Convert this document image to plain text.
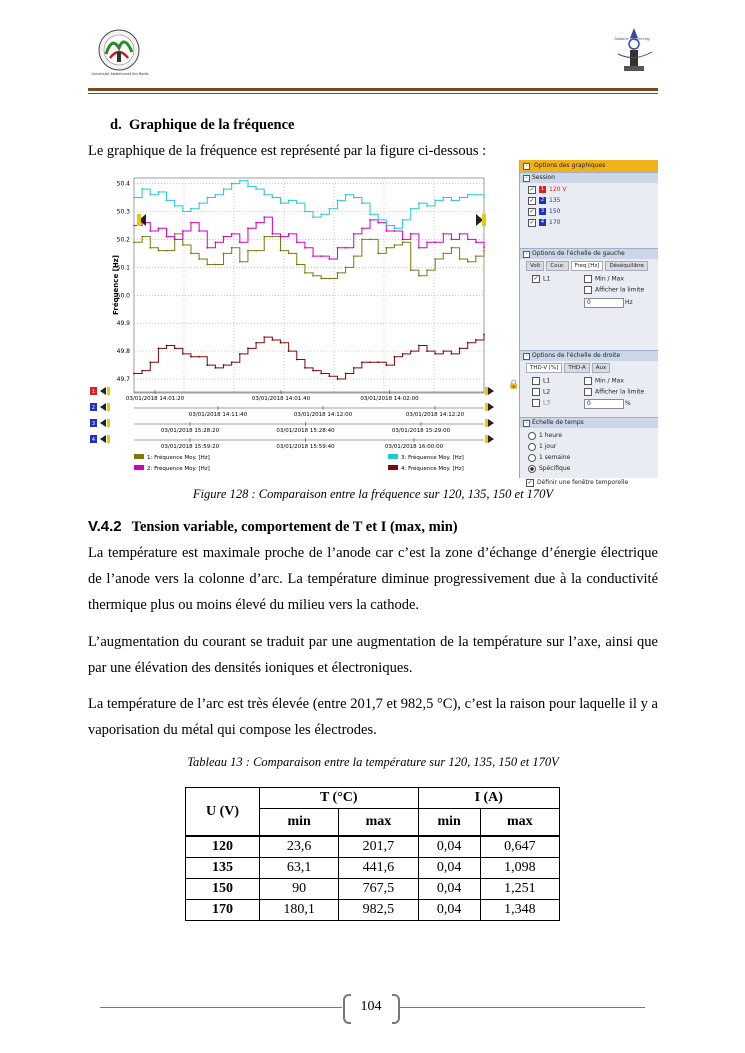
Université Abdelhamid Ibn Badis
Industrie Engineering
d. Graphique de la fréquence
Le graphique de la fréquence est représenté par la figure ci-dessous :
49.7
49.8
49.9
50.0
50.1
50.2
50.3
50.4
Fréquence [Hz]
1
03/01/2018 14:01:20	03/01/2018 14:01:40	03/01/2018 14:02:00
2
03/01/2018 14:11:40	03/01/2018 14:12:00	03/01/2018 14:12:20
3
03/01/2018 15:28:20	03/01/2018 15:28:40	03/01/2018 15:29:00
4
03/01/2018 15:59:20	03/01/2018 15:59:40	03/01/2018 16:00:00
1: Fréquence Moy. [Hz]
2: Fréquence Moy. [Hz]
3: Fréquence Moy. [Hz]
4: Fréquence Moy. [Hz]
🔒
-	Options des graphiques
- Session
✓ 1 120 V
✓ 2 135
✓ 3 150
✓ 4 170
- Options de l'échelle de gauche
Volt	Cour.	Freq [Hz]	Déséquilibre
✓ L1	Min / Max
Afficher la limite
0	Hz
- Options de l'échelle de droite
THD-V [%]	THD-A	Aux
L1
L2
L3
Min / Max
Afficher la limite
0	%
- Échelle de temps
1 heure
1 jour
1 semaine
Spécifique
✓ Définir une fenêtre temporelle
Figure 128 : Comparaison entre la fréquence sur 120, 135, 150 et 170V
V.4.2 Tension variable, comportement de T et I (max, min)
La température est maximale proche de l’anode car c’est la zone d’échange d’énergie électrique de l’anode vers la colonne d’arc. La température diminue progressivement due à la conductivité thermique plus ou moins élevé du milieu vers la cathode.
L’augmentation du courant se traduit par une augmentation de la température sur l’axe, ainsi que par une élévation des densités ioniques et électroniques.
La température de l’arc est très élevée (entre 201,7 et 982,5 °C), c’est la raison pour laquelle il y a vaporisation du métal qui compose les électrodes.
Tableau 13 : Comparaison entre la température sur 120, 135, 150 et 170V
U (V)	T (°C)		I (A)	
	min	max	min	max
120	23,6	201,7	0,04	0,647
135	63,1	441,6	0,04	1,098
150	90	767,5	0,04	1,251
170	180,1	982,5	0,04	1,348
104
